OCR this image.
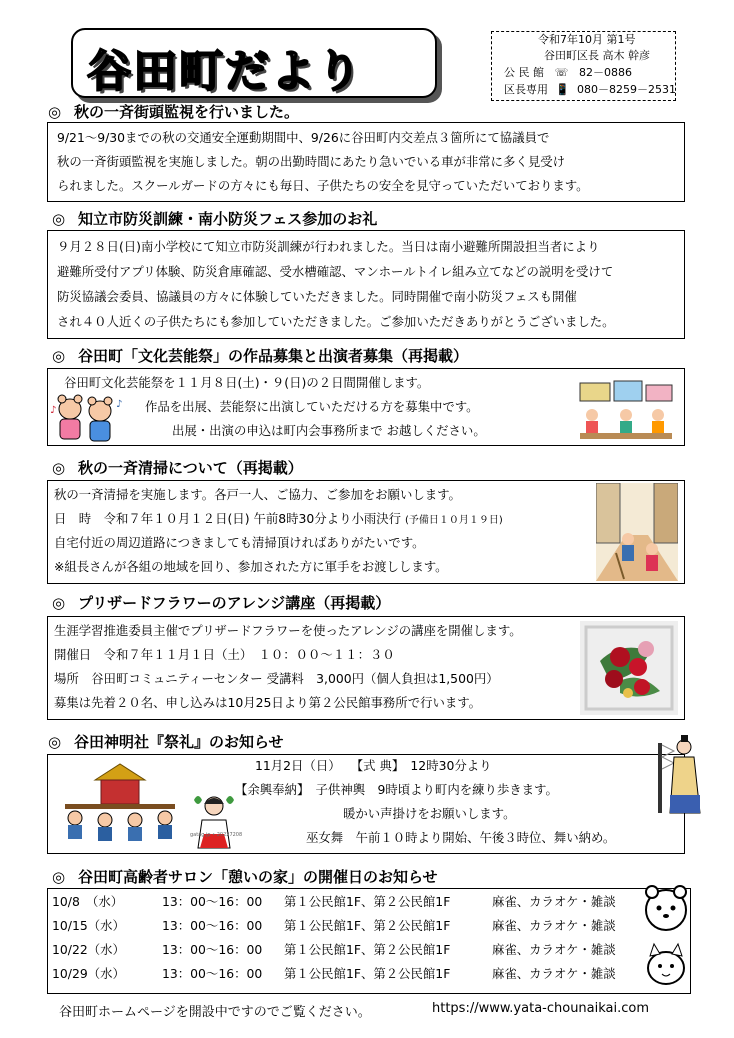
谷田町だより
令和7年10月 第1号
谷田町区長 高木 幹彦
公 民 館 ☏ 82－0886
区長専用 📱 080－8259－2531
◎ 秋の一斉街頭監視を行いました。
9/21～9/30までの秋の交通安全運動期間中、9/26に谷田町内交差点３箇所にて協議員で
秋の一斉街頭監視を実施しました。朝の出勤時間にあたり急いでいる車が非常に多く見受け
られました。スクールガードの方々にも毎日、子供たちの安全を見守っていただいております。
◎ 知立市防災訓練・南小防災フェス参加のお礼
９月２８日(日)南小学校にて知立市防災訓練が行われました。当日は南小避難所開設担当者により
避難所受付アプリ体験、防災倉庫確認、受水槽確認、マンホールトイレ組み立てなどの説明を受けて
防災協議会委員、協議員の方々に体験していただきました。同時開催で南小防災フェスも開催
され４０人近くの子供たちにも参加していただきました。ご参加いただきありがとうございました。
◎ 谷田町「文化芸能祭」の作品募集と出演者募集（再掲載）
谷田町文化芸能祭を１１月８日(土)・９(日)の２日間開催します。
作品を出展、芸能祭に出演していただける方を募集中です。
出展・出演の申込は町内会事務所まで お越しください。
♪
♪
◎ 秋の一斉清掃について（再掲載）
秋の一斉清掃を実施します。各戸一人、ご協力、ご参加をお願いします。
日　時　 令和７年１０月１２日(日) 午前8時30分より小雨決行 (予備日１０月１９日)
自宅付近の周辺道路につきましても清掃頂ければありがたいです。
※組長さんが各組の地域を回り、参加された方に軍手をお渡しします。
◎ プリザードフラワーのアレンジ講座（再掲載）
生涯学習推進委員主催でプリザードフラワーを使ったアレンジの講座を開催します。
開催日　令和７年１１月１日（土）　１０：００～１１：３０
場所　谷田町コミュニティーセンター 受講料　3,000円（個人負担は1,500円）
募集は先着２０名、申し込みは10月25日より第２公民館事務所で行います。
◎ 谷田神明社『祭礼』のお知らせ
11月2日（日）　 【式 典】　12時30分より
【余興奉納】　子供神輿　9時頃より町内を練り歩きます。
暖かい声掛けをお願いします。
巫女舞　午前１０時より開始、午後３時位、舞い納め。
gatag.jp • 20227208
◎ 谷田町高齢者サロン「憩いの家」の開催日のお知らせ
10/8　（水）	13：00～16：00 第１公民館1F、第２公民館1F	麻雀、カラオケ・雑談
10/15（水）	13：00～16：00 第１公民館1F、第２公民館1F	麻雀、カラオケ・雑談
10/22（水）	13：00～16：00 第１公民館1F、第２公民館1F	麻雀、カラオケ・雑談
10/29（水）	13：00～16：00 第１公民館1F、第２公民館1F	麻雀、カラオケ・雑談
谷田町ホームページを開設中ですのでご覧ください。	https://www.yata-chounaikai.com
